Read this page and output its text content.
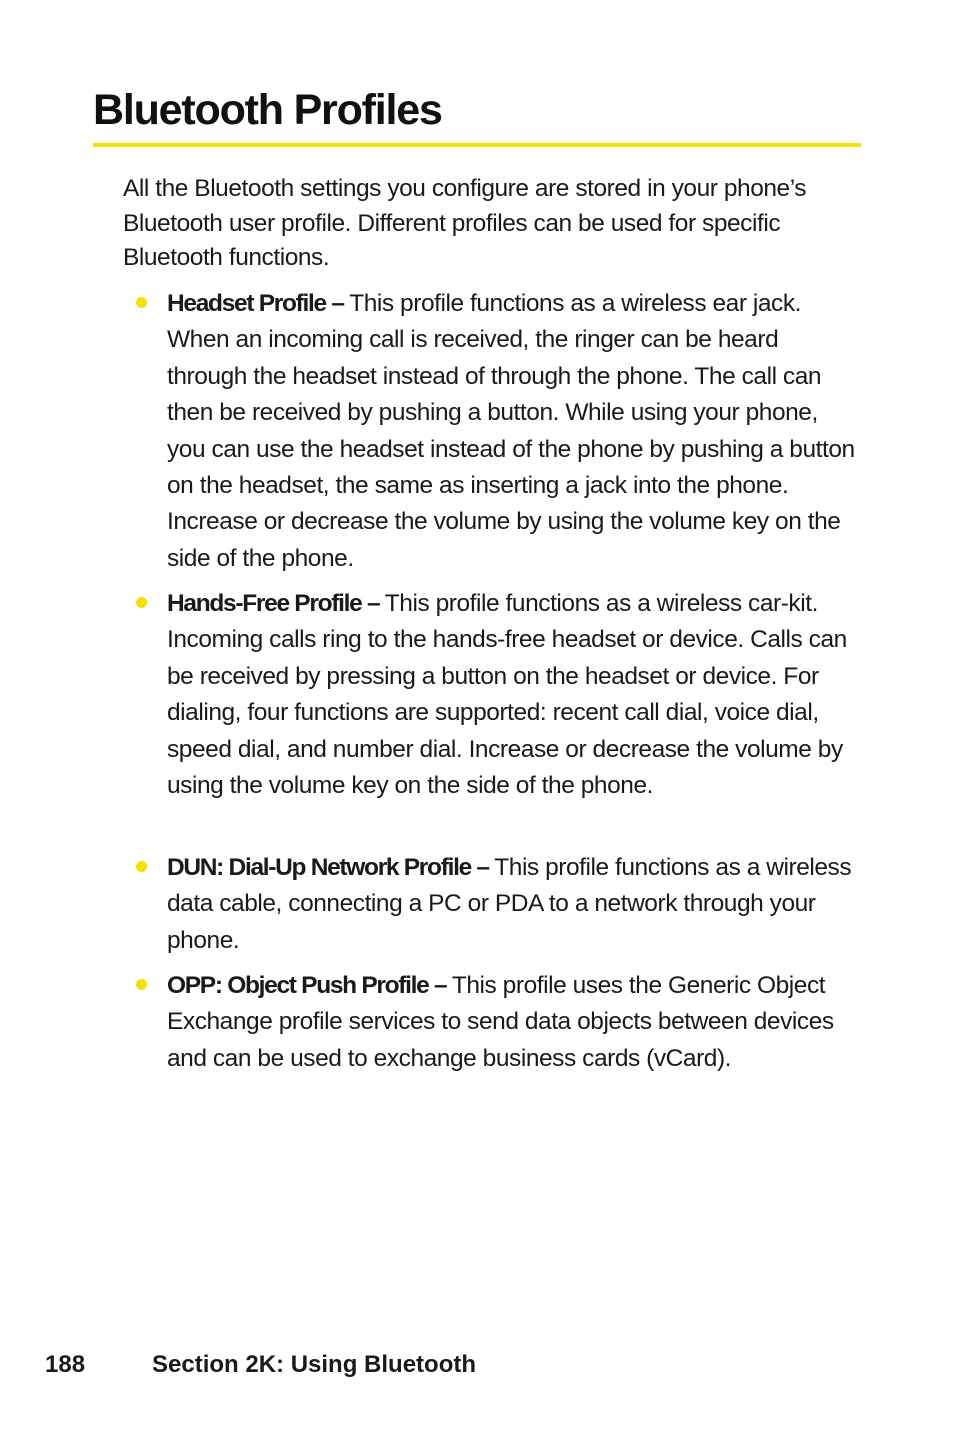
Bluetooth Profiles

All the Bluetooth settings you configure are stored in your phone’s Bluetooth user profile. Different profiles can be used for specific Bluetooth functions.

Headset Profile – This profile functions as a wireless ear jack. When an incoming call is received, the ringer can be heard through the headset instead of through the phone. The call can then be received by pushing a button. While using your phone, you can use the headset instead of the phone by pushing a button on the headset, the same as inserting a jack into the phone. Increase or decrease the volume by using the volume key on the side of the phone.
Hands-Free Profile – This profile functions as a wireless car-kit. Incoming calls ring to the hands-free headset or device. Calls can be received by pressing a button on the headset or device. For dialing, four functions are supported: recent call dial, voice dial, speed dial, and number dial. Increase or decrease the volume by using the volume key on the side of the phone.
DUN: Dial-Up Network Profile – This profile functions as a wireless data cable, connecting a PC or PDA to a network through your phone.
OPP: Object Push Profile – This profile uses the Generic Object Exchange profile services to send data objects between devices and can be used to exchange business cards (vCard).
188	Section 2K: Using Bluetooth
